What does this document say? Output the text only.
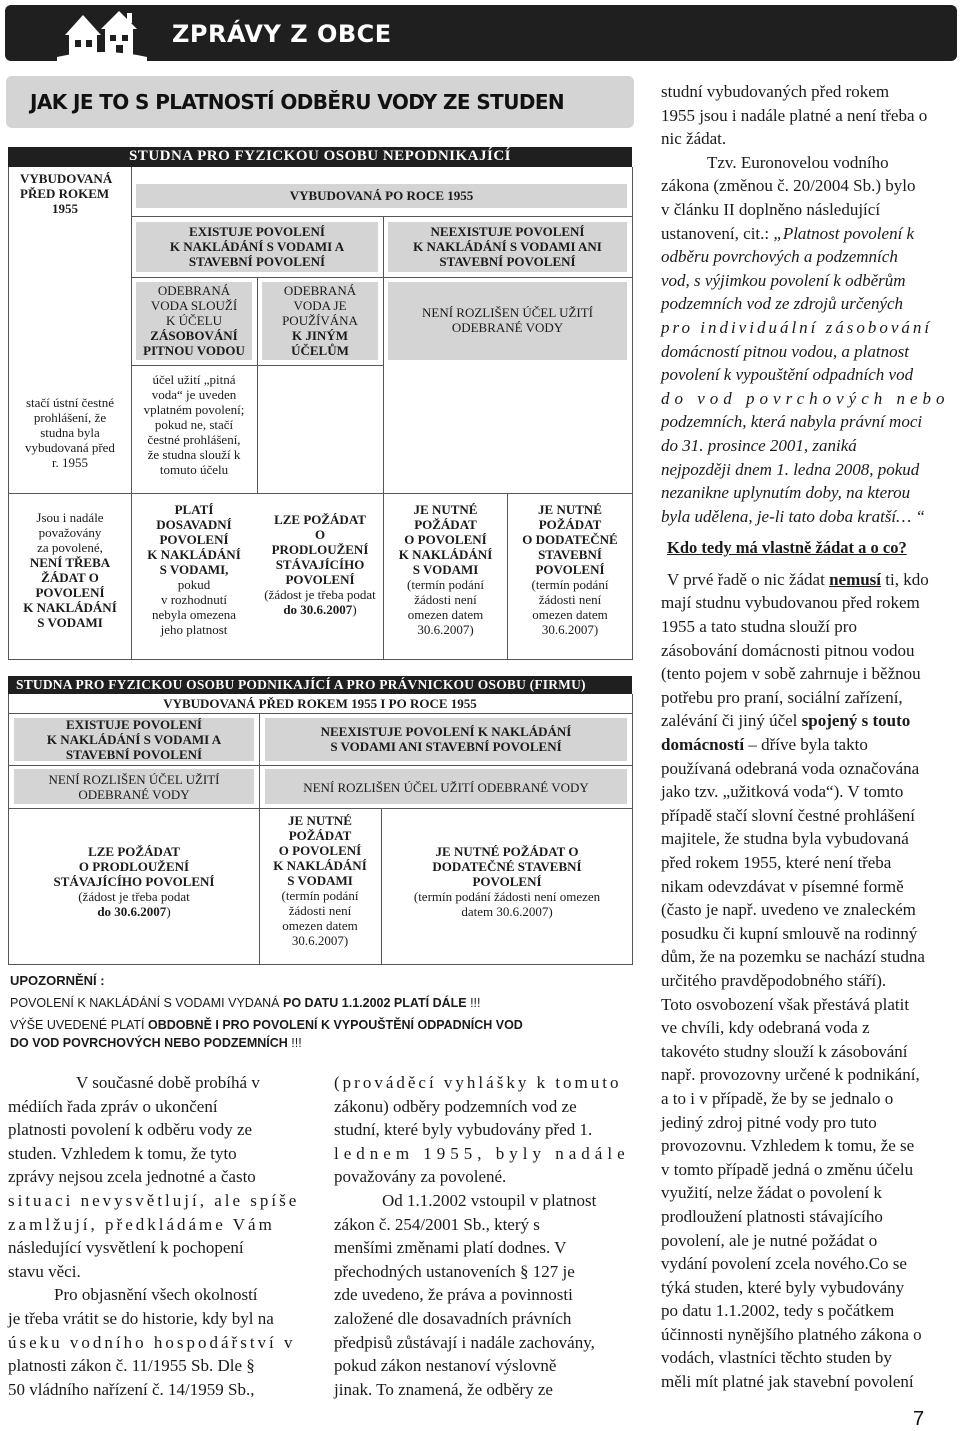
ZPRÁVY Z OBCE
JAK JE TO S PLATNOSTÍ ODBĚRU VODY ZE STUDEN
STUDNA PRO FYZICKOU OSOBU NEPODNIKAJÍCÍ
VYBUDOVANÁ
PŘED ROKEM
1955
VYBUDOVANÁ PO ROCE 1955
EXISTUJE POVOLENÍ
K NAKLÁDÁNÍ S VODAMI A
STAVEBNÍ POVOLENÍ
NEEXISTUJE POVOLENÍ
K NAKLÁDÁNÍ S VODAMI ANI
STAVEBNÍ POVOLENÍ
ODEBRANÁ
VODA SLOUŽÍ
K ÚČELU
ZÁSOBOVÁNÍ
PITNOU VODOU
ODEBRANÁ
VODA JE
POUŽÍVÁNA
K JINÝM
ÚČELŮM
NENÍ ROZLIŠEN ÚČEL UŽITÍ
ODEBRANÉ VODY
stačí ústní čestné
prohlášení, že
studna byla
vybudovaná před
r. 1955
účel užití „pitná
voda“ je uveden
vplatném povolení;
pokud ne, stačí
čestné prohlášení,
že studna slouží k
tomuto účelu
Jsou i nadále
považovány
za povolené,
NENÍ TŘEBA
ŽÁDAT O
POVOLENÍ
K NAKLÁDÁNÍ
S VODAMI
PLATÍ
DOSAVADNÍ
POVOLENÍ
K NAKLÁDÁNÍ
S VODAMI,
pokud
v rozhodnutí
nebyla omezena
jeho platnost
LZE POŽÁDAT
O
PRODLOUŽENÍ
STÁVAJÍCÍHO
POVOLENÍ
(žádost je třeba podat
do 30.6.2007)
JE NUTNÉ
POŽÁDAT
O POVOLENÍ
K NAKLÁDÁNÍ
S VODAMI
(termín podání
žádosti není
omezen datem
30.6.2007)
JE NUTNÉ
POŽÁDAT
O DODATEČNÉ
STAVEBNÍ
POVOLENÍ
(termín podání
žádosti není
omezen datem
30.6.2007)
STUDNA PRO FYZICKOU OSOBU PODNIKAJÍCÍ A PRO PRÁVNICKOU OSOBU (FIRMU)
VYBUDOVANÁ PŘED ROKEM 1955 I PO ROCE 1955
EXISTUJE POVOLENÍ
K NAKLÁDÁNÍ S VODAMI A
STAVEBNÍ POVOLENÍ
NEEXISTUJE POVOLENÍ K NAKLÁDÁNÍ
S VODAMI ANI STAVEBNÍ POVOLENÍ
NENÍ ROZLIŠEN ÚČEL UŽITÍ
ODEBRANÉ VODY	NENÍ ROZLIŠEN ÚČEL UŽITÍ ODEBRANÉ VODY
LZE POŽÁDAT
O PRODLOUŽENÍ
STÁVAJÍCÍHO POVOLENÍ
(žádost je třeba podat
do 30.6.2007)
JE NUTNÉ
POŽÁDAT
O POVOLENÍ
K NAKLÁDÁNÍ
S VODAMI
(termín podání
žádosti není
omezen datem
30.6.2007)
JE NUTNÉ POŽÁDAT O
DODATEČNÉ STAVEBNÍ
POVOLENÍ
(termín podání žádosti není omezen
datem 30.6.2007)
UPOZORNĚNÍ :
POVOLENÍ K NAKLÁDÁNÍ S VODAMI VYDANÁ PO DATU 1.1.2002 PLATÍ DÁLE !!!
VÝŠE UVEDENÉ PLATÍ OBDOBNĚ I PRO POVOLENÍ K VYPOUŠTĚNÍ ODPADNÍCH VOD
DO VOD POVRCHOVÝCH NEBO PODZEMNÍCH !!!

V současné době probíhá v

médiích řada zpráv o ukončení

platnosti povolení k odběru vody ze

studen. Vzhledem k tomu, že tyto

zprávy nejsou zcela jednotné a často

situaci nevysvětlují, ale spíše

zamlžují, předkládáme Vám

následující vysvětlení k pochopení

stavu věci.

Pro objasnění všech okolností

je třeba vrátit se do historie, kdy byl na

úseku vodního hospodářství v

platnosti zákon č. 11/1955 Sb. Dle §

50 vládního nařízení č. 14/1959 Sb.,

(prováděcí vyhlášky k tomuto

zákonu) odběry podzemních vod ze

studní, které byly vybudovány před 1.

lednem 1955, byly nadále

považovány za povolené.

Od 1.1.2002 vstoupil v platnost

zákon č. 254/2001 Sb., který s

menšími změnami platí dodnes. V

přechodných ustanoveních § 127 je

zde uvedeno, že práva a povinnosti

založené dle dosavadních právních

předpisů zůstávají i nadále zachovány,

pokud zákon nestanoví výslovně

jinak. To znamená, že odběry ze

studní vybudovaných před rokem

1955 jsou i nadále platné a není třeba o

nic žádat.

Tzv. Euronovelou vodního

zákona (změnou č. 20/2004 Sb.) bylo

v článku II doplněno následující

ustanovení, cit.: „Platnost povolení k

odběru povrchových a podzemních

vod, s výjimkou povolení k odběrům

podzemních vod ze zdrojů určených

pro individuální zásobování

domácností pitnou vodou, a platnost

povolení k vypouštění odpadních vod

do vod povrchových nebo

podzemních, která nabyla právní moci

do 31. prosince 2001, zaniká

nejpozději dnem 1. ledna 2008, pokud

nezanikne uplynutím doby, na kterou

byla udělena, je-li tato doba kratší… “

Kdo tedy má vlastně žádat a o co?

V prvé řadě o nic žádat nemusí ti, kdo

mají studnu vybudovanou před rokem

1955 a tato studna slouží pro

zásobování domácnosti pitnou vodou

(tento pojem v sobě zahrnuje i běžnou

potřebu pro praní, sociální zařízení,

zalévání či jiný účel spojený s touto

domácností – dříve byla takto

používaná odebraná voda označována

jako tzv. „užitková voda“). V tomto

případě stačí slovní čestné prohlášení

majitele, že studna byla vybudovaná

před rokem 1955, které není třeba

nikam odevzdávat v písemné formě

(často je např. uvedeno ve znaleckém

posudku či kupní smlouvě na rodinný

dům, že na pozemku se nachází studna

určitého pravděpodobného stáří).

Toto osvobození však přestává platit

ve chvíli, kdy odebraná voda z

takovéto studny slouží k zásobování

např. provozovny určené k podnikání,

a to i v případě, že by se jednalo o

jediný zdroj pitné vody pro tuto

provozovnu. Vzhledem k tomu, že se

v tomto případě jedná o změnu účelu

využití, nelze žádat o povolení k

prodloužení platnosti stávajícího

povolení, ale je nutné požádat o

vydání povolení zcela nového.Co se

týká studen, které byly vybudovány

po datu 1.1.2002, tedy s počátkem

účinnosti nynějšího platného zákona o

vodách, vlastníci těchto studen by

měli mít platné jak stavební povolení

7
